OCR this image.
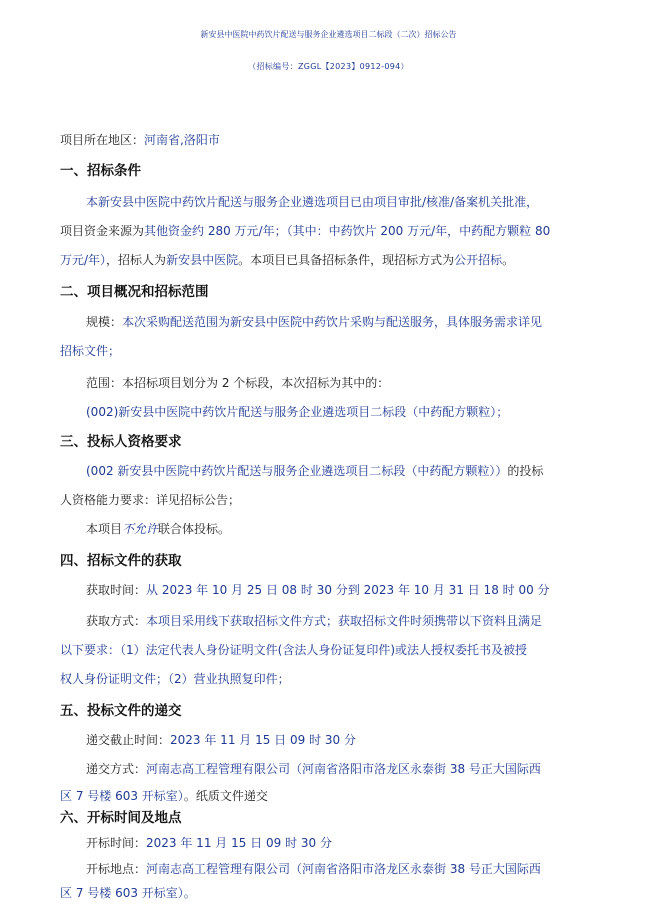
新安县中医院中药饮片配送与服务企业遴选项目二标段（二次）招标公告
（招标编号：ZGGL【2023】0912-094）
项目所在地区：河南省,洛阳市
一、招标条件
本新安县中医院中药饮片配送与服务企业遴选项目已由项目审批/核准/备案机关批准，
项目资金来源为其他资金约 280 万元/年；（其中：中药饮片 200 万元/年，中药配方颗粒 80
万元/年），招标人为新安县中医院。本项目已具备招标条件，现招标方式为公开招标。
二、项目概况和招标范围
规模：本次采购配送范围为新安县中医院中药饮片采购与配送服务，具体服务需求详见
招标文件；
范围：本招标项目划分为 2 个标段，本次招标为其中的：
(002)新安县中医院中药饮片配送与服务企业遴选项目二标段（中药配方颗粒）；
三、投标人资格要求
(002 新安县中医院中药饮片配送与服务企业遴选项目二标段（中药配方颗粒））的投标
人资格能力要求：详见招标公告；
本项目不允许联合体投标。
四、招标文件的获取
获取时间：从 2023 年 10 月 25 日 08 时 30 分到 2023 年 10 月 31 日 18 时 00 分
获取方式：本项目采用线下获取招标文件方式；获取招标文件时须携带以下资料且满足
以下要求：（1）法定代表人身份证明文件(含法人身份证复印件)或法人授权委托书及被授
权人身份证明文件；（2）营业执照复印件；
五、投标文件的递交
递交截止时间：2023 年 11 月 15 日 09 时 30 分
递交方式：河南志高工程管理有限公司（河南省洛阳市洛龙区永泰街 38 号正大国际西
区 7 号楼 603 开标室）。纸质文件递交
六、开标时间及地点
开标时间：2023 年 11 月 15 日 09 时 30 分
开标地点：河南志高工程管理有限公司（河南省洛阳市洛龙区永泰街 38 号正大国际西
区 7 号楼 603 开标室）。
